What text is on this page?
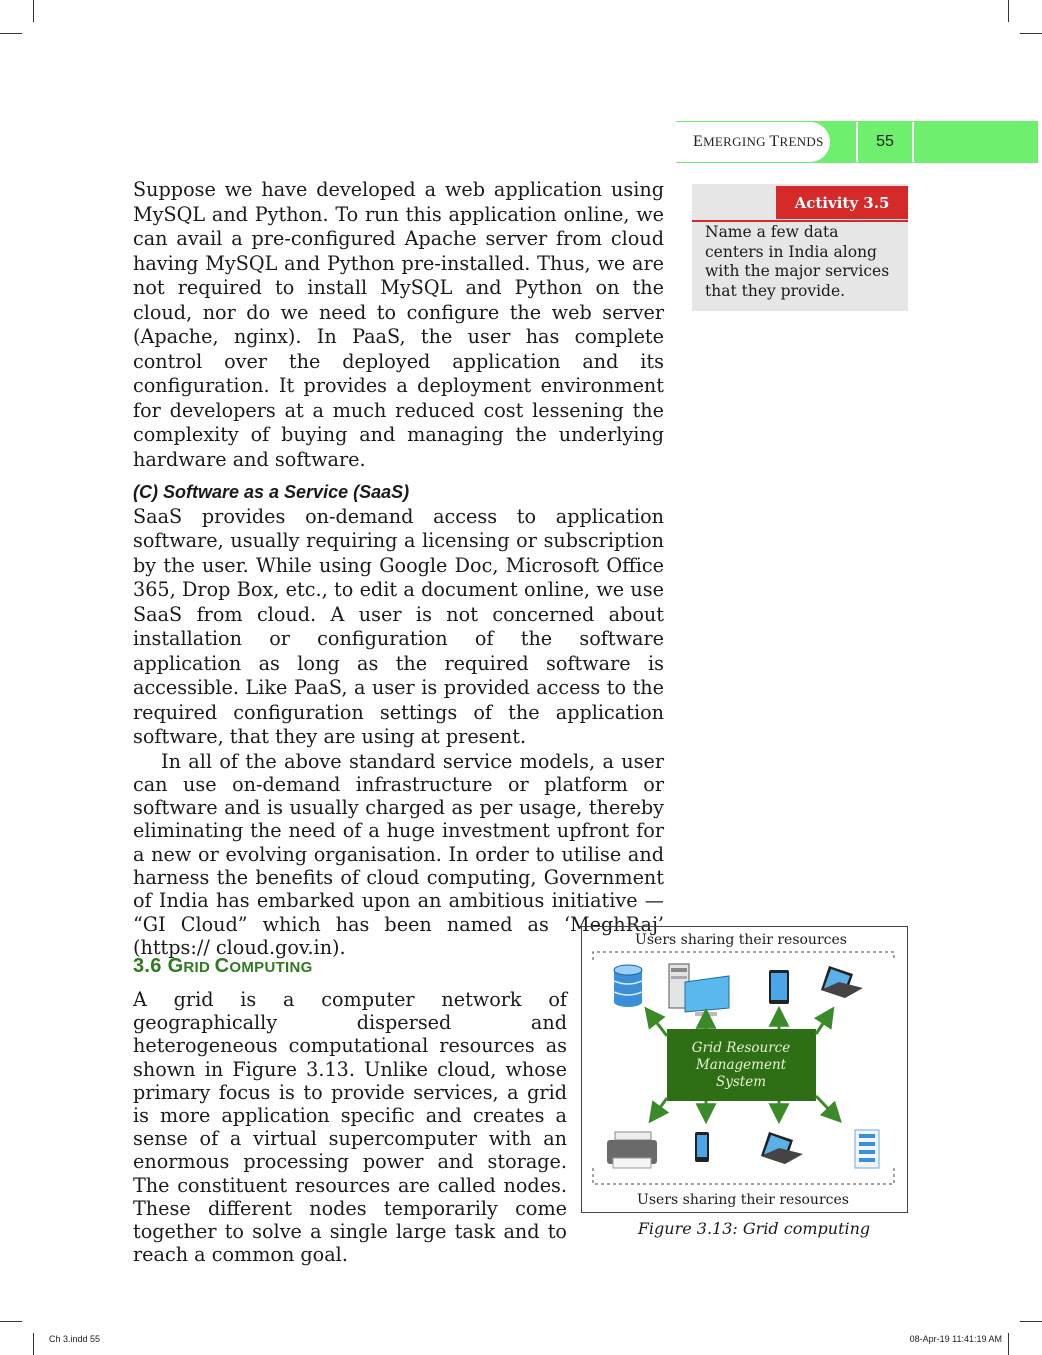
E MERGING
T RENDS	55

Suppose we have developed a web application using MySQL and Python. To run this application online, we can avail a pre-configured Apache server from cloud having MySQL and Python pre-installed. Thus, we are not required to install MySQL and Python on the cloud, nor do we need to configure the web server (Apache, nginx). In PaaS, the user has complete control over the deployed application and its configuration. It provides a deployment environment for developers at a much reduced cost lessening the complexity of buying and managing the underlying hardware and software.

(C) Software as a Service (SaaS)

SaaS provides on-demand access to application software, usually requiring a licensing or subscription by the user. While using Google Doc, Microsoft Office 365, Drop Box, etc., to edit a document online, we use SaaS from cloud. A user is not concerned about installation or configuration of the software application as long as the required software is accessible. Like PaaS, a user is provided access to the required configuration settings of the application software, that they are using at present.

In all of the above standard service models, a user can use on-demand infrastructure or platform or software and is usually charged as per usage, thereby eliminating the need of a huge investment upfront for a new or evolving organisation. In order to utilise and harness the benefits of cloud computing, Government of India has embarked upon an ambitious initiative — “GI Cloud” which has been named as ‘MeghRaj’ (https:// cloud.gov.in).

3.6 GRID COMPUTING
A grid is a computer network of geographically dispersed and heterogeneous computational resources as shown in Figure 3.13. Unlike cloud, whose primary focus is to provide services, a grid is more application specific and creates a sense of a virtual supercomputer with an enormous processing power and storage. The constituent resources are called nodes. These different nodes temporarily come together to solve a single large task and to reach a common goal.
Activity 3.5
Name a few data centers in India along with the major services that they provide.
Users sharing their resources
Users sharing their resources
Grid Resource
Management
System
Figure 3.13: Grid computing
Ch 3.indd 55	08-Apr-19 11:41:19 AM
